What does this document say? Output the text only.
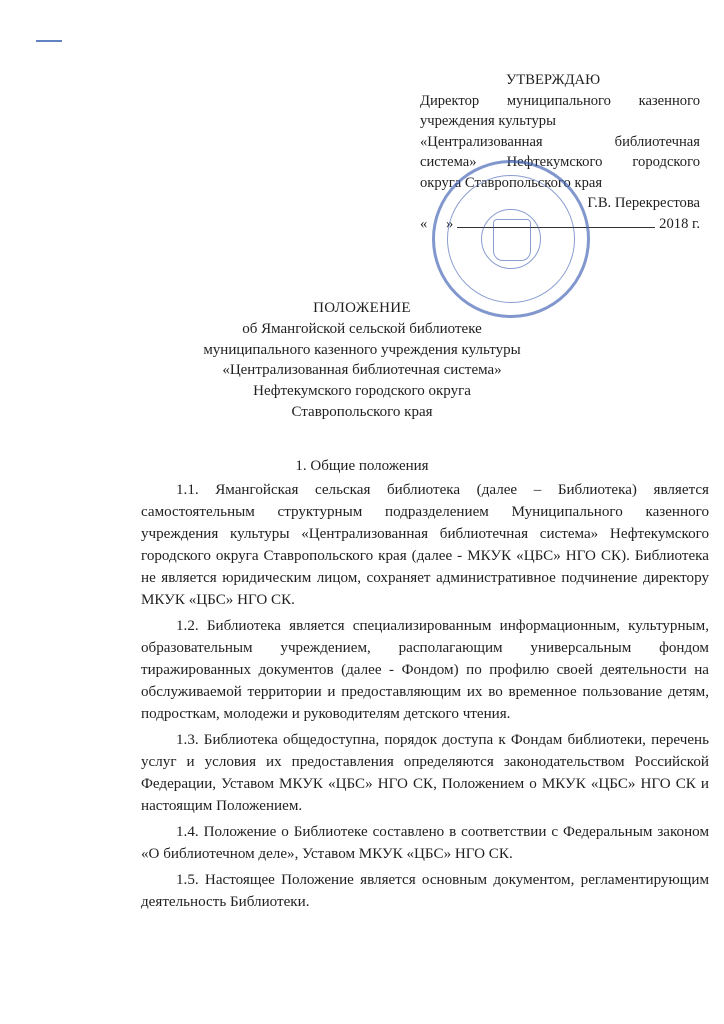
УТВЕРЖДАЮ
Директор муниципального казенного
учреждения культуры
«Централизованная библиотечная
система» Нефтекумского городского
округа Ставропольского края
Г.В. Перекрестова
«	»	2018 г.
ПОЛОЖЕНИЕ
об Ямангойской сельской библиотеке
муниципального казенного учреждения культуры
«Централизованная библиотечная система»
Нефтекумского городского округа
Ставропольского края
1. Общие положения

1.1. Ямангойская сельская библиотека (далее – Библиотека) является самостоятельным структурным подразделением Муниципального казенного учреждения культуры «Централизованная библиотечная система» Нефтекумского городского округа Ставропольского края (далее - МКУК «ЦБС» НГО СК). Библиотека не является юридическим лицом, сохраняет административное подчинение директору МКУК «ЦБС» НГО СК.

1.2. Библиотека является специализированным информационным, культурным, образовательным учреждением, располагающим универсальным фондом тиражированных документов (далее - Фондом) по профилю своей деятельности на обслуживаемой территории и предоставляющим их во временное пользование детям, подросткам, молодежи и руководителям детского чтения.

1.3. Библиотека общедоступна, порядок доступа к Фондам библиотеки, перечень услуг и условия их предоставления определяются законодательством Российской Федерации, Уставом МКУК «ЦБС» НГО СК, Положением о МКУК «ЦБС» НГО СК и настоящим Положением.

1.4. Положение о Библиотеке составлено в соответствии с Федеральным законом «О библиотечном деле», Уставом МКУК «ЦБС» НГО СК.

1.5. Настоящее Положение является основным документом, регламентирующим деятельность Библиотеки.
